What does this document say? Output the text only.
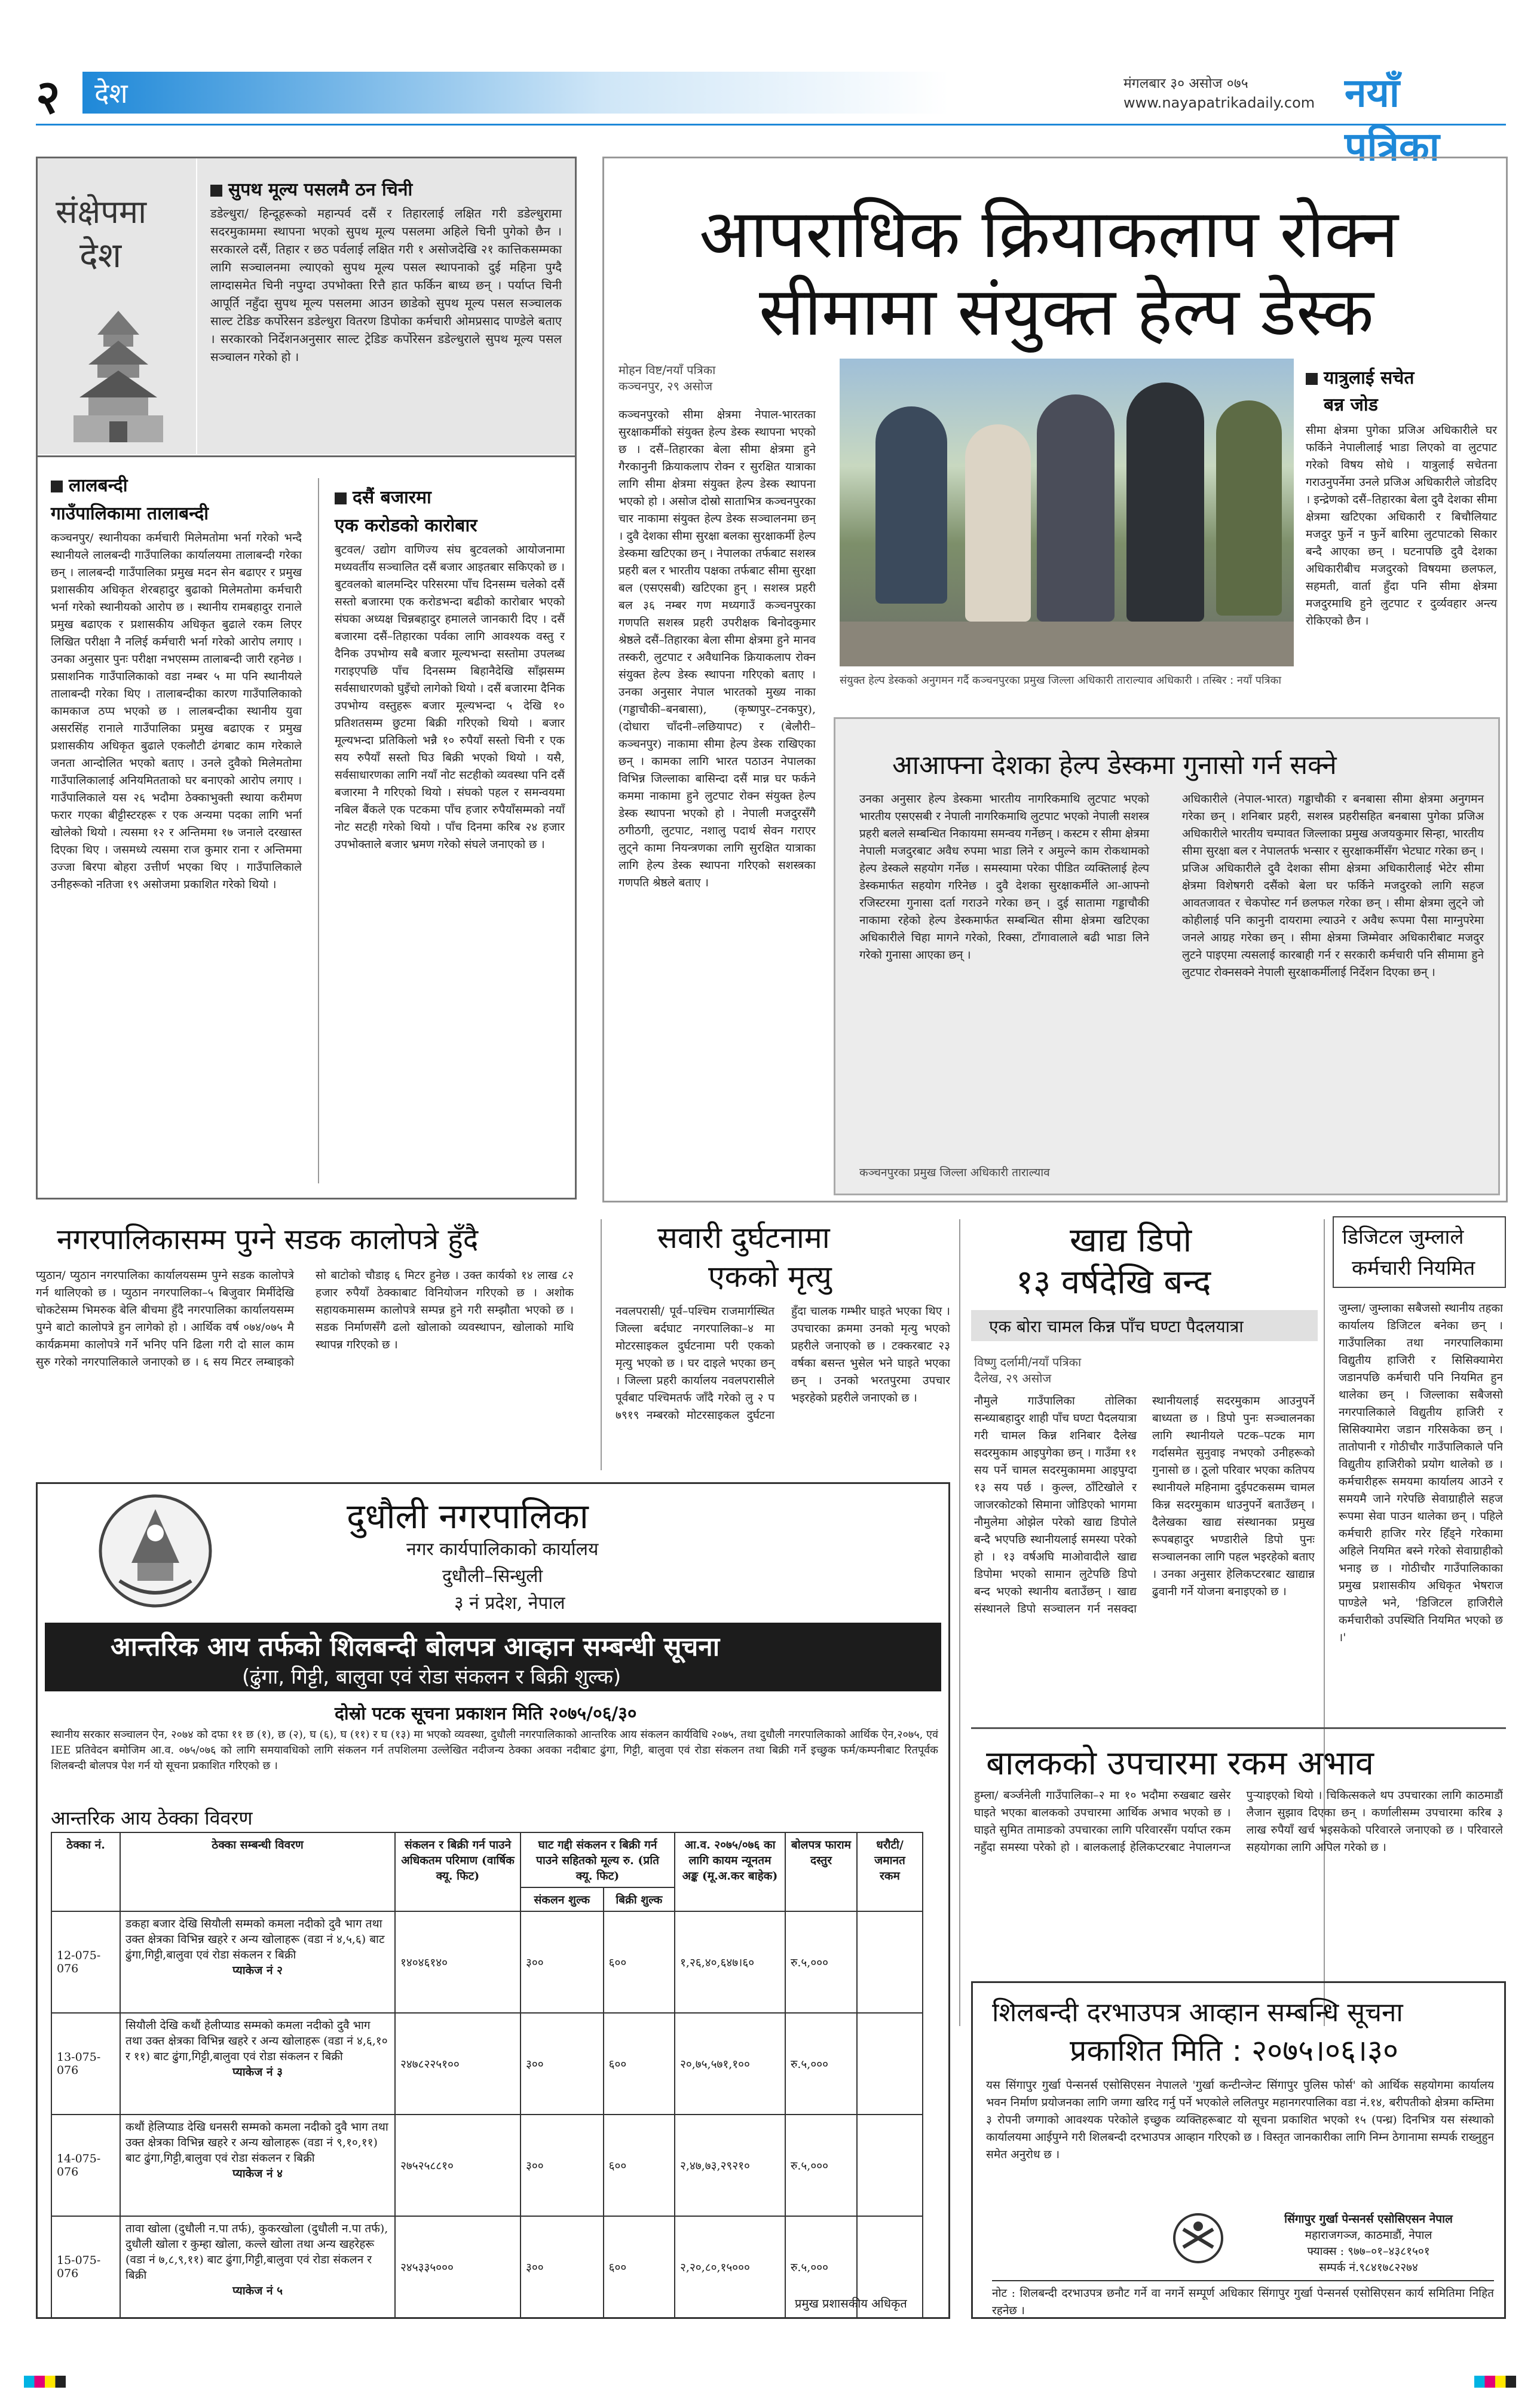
२ देश	मंगलबार ३० असोज ०७५
www.nayapatrikadaily.com नयाँ पत्रिका
संक्षेपमा
देश
सुपथ मूल्य पसलमै ठन चिनी
डडेल्धुरा/ हिन्दूहरूको महान्पर्व दसैं र तिहारलाई लक्षित गरी डडेल्धुरामा सदरमुकाममा स्थापना भएको सुपथ मूल्य पसलमा अहिले चिनी पुगेको छैन । सरकारले दसैं, तिहार र छठ पर्वलाई लक्षित गरी १ असोजदेखि २१ कात्तिकसम्मका लागि सञ्चालनमा ल्याएको सुपथ मूल्य पसल स्थापनाको दुई महिना पुग्दै लाग्दासमेत चिनी नपुग्दा उपभोक्ता रित्तै हात फर्किन बाध्य छन् । पर्याप्त चिनी आपूर्ति नहुँदा सुपथ मूल्य पसलमा आउन छाडेको सुपथ मूल्य पसल सञ्चालक साल्ट टेडिङ कर्पोरेसन डडेल्धुरा वितरण डिपोका कर्मचारी ओमप्रसाद पाण्डेले बताए । सरकारको निर्देशनअनुसार साल्ट ट्रेडिङ कर्पोरेसन डडेल्धुराले सुपथ मूल्य पसल सञ्चालन गरेको हो ।
लालबन्दी
गाउँपालिकामा तालाबन्दी
कञ्चनपुर/ स्थानीयका कर्मचारी मिलेमतोमा भर्ना गरेको भन्दै स्थानीयले लालबन्दी गाउँपालिका कार्यालयमा तालाबन्दी गरेका छन् । लालबन्दी गाउँपालिका प्रमुख मदन सेन बढाएर र प्रमुख प्रशासकीय अधिकृत शेरबहादुर बुढाको मिलेमतोमा कर्मचारी भर्ना गरेको स्थानीयको आरोप छ । स्थानीय रामबहादुर रानाले प्रमुख बढाएक र प्रशासकीय अधिकृत बुढाले रकम लिएर लिखित परीक्षा नै नलिई कर्मचारी भर्ना गरेको आरोप लगाए । उनका अनुसार पुनः परीक्षा नभएसम्म तालाबन्दी जारी रहनेछ । प्रसाशनिक गाउँपालिकाको वडा नम्बर ५ मा पनि स्थानीयले तालाबन्दी गरेका थिए । तालाबन्दीका कारण गाउँपालिकाको कामकाज ठप्प भएको छ । लालबन्दीका स्थानीय युवा असरसिंह रानाले गाउँपालिका प्रमुख बढाएक र प्रमुख प्रशासकीय अधिकृत बुढाले एकलौटी ढंगबाट काम गरेकाले जनता आन्दोलित भएको बताए । उनले दुवैको मिलेमतोमा गाउँपालिकालाई अनियमितताको घर बनाएको आरोप लगाए । गाउँपालिकाले यस २६ भदौमा ठेक्काभुक्ती स्थाया करीमण फरार गएका बीट्टीस्टरहरू र एक अन्यमा पदका लागि भर्ना खोलेको थियो । त्यसमा १२ र अन्तिममा १७ जनाले दरखास्त दिएका थिए । जसमध्ये त्यसमा राज कुमार राना र अन्तिममा उज्जा बिरपा बोहरा उत्तीर्ण भएका थिए । गाउँपालिकाले उनीहरूको नतिजा १९ असोजमा प्रकाशित गरेको थियो ।
दसैं बजारमा
एक करोडको कारोबार
बुटवल/ उद्योग वाणिज्य संघ बुटवलको आयोजनामा मध्यवर्तीय सञ्चालित दसैं बजार आइतबार सकिएको छ । बुटवलको बालमन्दिर परिसरमा पाँच दिनसम्म चलेको दसैं सस्तो बजारमा एक करोडभन्दा बढीको कारोबार भएको संघका अध्यक्ष चिन्नबहादुर हमालले जानकारी दिए । दसैं बजारमा दसैं–तिहारका पर्वका लागि आवश्यक वस्तु र दैनिक उपभोग्य सबै बजार मूल्यभन्दा सस्तोमा उपलब्ध गराइएपछि पाँच दिनसम्म बिहानैदेखि साँझसम्म सर्वसाधारणको घुइँचो लागेको थियो । दसैं बजारमा दैनिक उपभोग्य वस्तुहरू बजार मूल्यभन्दा ५ देखि १० प्रतिशतसम्म छुटमा बिक्री गरिएको थियो । बजार मूल्यभन्दा प्रतिकिलो भन्नै १० रुपैयाँ सस्तो चिनी र एक सय रुपैयाँ सस्तो घिउ बिक्री भएको थियो । यसै, सर्वसाधारणका लागि नयाँ नोट सटहीको व्यवस्था पनि दसैं बजारमा नै गरिएको थियो । संघको पहल र समन्वयमा नबिल बैंकले एक पटकमा पाँच हजार रुपैयाँसम्मको नयाँ नोट सटही गरेको थियो । पाँच दिनमा करिब २४ हजार उपभोक्ताले बजार भ्रमण गरेको संघले जनाएको छ ।
आपराधिक क्रियाकलाप रोक्न
सीमामा संयुक्त हेल्प डेस्क
मोहन विष्ट/नयाँ पत्रिका
कञ्चनपुर, २९ असोज
कञ्चनपुरको सीमा क्षेत्रमा नेपाल-भारतका सुरक्षाकर्मीको संयुक्त हेल्प डेस्क स्थापना भएको छ । दसैं–तिहारका बेला सीमा क्षेत्रमा हुने गैरकानुनी क्रियाकलाप रोक्न र सुरक्षित यात्राका लागि सीमा क्षेत्रमा संयुक्त हेल्प डेस्क स्थापना भएको हो । असोज दोस्रो साताभित्र कञ्चनपुरका चार नाकामा संयुक्त हेल्प डेस्क सञ्चालनमा छन् । दुवै देशका सीमा सुरक्षा बलका सुरक्षाकर्मी हेल्प डेस्कमा खटिएका छन् । नेपालका तर्फबाट सशस्त्र प्रहरी बल र भारतीय पक्षका तर्फबाट सीमा सुरक्षा बल (एसएसबी) खटिएका हुन् । सशस्त्र प्रहरी बल ३६ नम्बर गण मध्यगाउँ कञ्चनपुरका गणपति सशस्त्र प्रहरी उपरीक्षक बिनोदकुमार श्रेष्ठले दसैं–तिहारका बेला सीमा क्षेत्रमा हुने मानव तस्करी, लुटपाट र अवैधानिक क्रियाकलाप रोक्न संयुक्त हेल्प डेस्क स्थापना गरिएको बताए । उनका अनुसार नेपाल भारतको मुख्य नाका (गड्डाचौकी–बनबासा), (कृष्णपुर–टनकपुर), (दोधारा चाँदनी–लछियापट) र (बेलौरी–कञ्चनपुर) नाकामा सीमा हेल्प डेस्क राखिएका छन् । कामका लागि भारत पठाउन नेपालका विभिन्न जिल्लाका बासिन्दा दसैं मान्न घर फर्कने कममा नाकामा हुने लुटपाट रोक्न संयुक्त हेल्प डेस्क स्थापना भएको हो । नेपाली मजदुरसँगै ठगीठगी, लुटपाट, नशालु पदार्थ सेवन गराएर लुट्ने कामा नियन्त्रणका लागि सुरक्षित यात्राका लागि हेल्प डेस्क स्थापना गरिएको सशस्त्रका गणपति श्रेष्ठले बताए ।
संयुक्त हेल्प डेस्कको अनुगमन गर्दै कञ्चनपुरका प्रमुख जिल्ला अधिकारी ताराल्याव अधिकारी । तस्बिर : नयाँ पत्रिका
यात्रुलाई सचेत
बन्न जोड
सीमा क्षेत्रमा पुगेका प्रजिअ अधिकारीले घर फर्किने नेपालीलाई भाडा लिएको वा लुटपाट गरेको विषय सोधे । यात्रुलाई सचेतना गराउनुपर्नेमा उनले प्रजिअ अधिकारीले जोडदिए । इन्द्रेणको दसैं–तिहारका बेला दुवै देशका सीमा क्षेत्रमा खटिएका अधिकारी र बिचौलियाट मजदुर फुर्ने न फुर्ने बारिमा लुटपाटको सिकार बन्दै आएका छन् । घटनापछि दुवै देशका अधिकारीबीच मजदुरको विषयमा छलफल, सहमती, वार्ता हुँदा पनि सीमा क्षेत्रमा मजदुरमाथि हुने लुटपाट र दुर्व्यवहार अन्त्य रोकिएको छैन ।
आआफ्ना देशका हेल्प डेस्कमा गुनासो गर्न सक्ने
उनका अनुसार हेल्प डेस्कमा भारतीय नागरिकमाथि लुटपाट भएको भारतीय एसएसबी र नेपाली नागरिकमाथि लुटपाट भएको नेपाली सशस्त्र प्रहरी बलले सम्बन्धित निकायमा समन्वय गर्नेछन् । कस्टम र सीमा क्षेत्रमा नेपाली मजदुरबाट अवैध रुपमा भाडा लिने र अमुल्ने काम रोकथामको हेल्प डेस्कले सहयोग गर्नेछ । समस्यामा परेका पीडित व्यक्तिलाई हेल्प डेस्कमार्फत सहयोग गरिनेछ । दुवै देशका सुरक्षाकर्मीले आ-आफ्नो रजिस्टरमा गुनासा दर्ता गराउने गरेका छन् । दुई सातामा गड्डाचौकी नाकामा रहेको हेल्प डेस्कमार्फत सम्बन्धित सीमा क्षेत्रमा खटिएका अधिकारीले चिहा मागने गरेको, रिक्सा, टाँगावालाले बढी भाडा लिने गरेको गुनासा आएका छन् ।
अधिकारीले (नेपाल-भारत) गड्डाचौकी र बनबासा सीमा क्षेत्रमा अनुगमन गरेका छन् । शनिबार प्रहरी, सशस्त्र प्रहरीसहित बनबासा पुगेका प्रजिअ अधिकारीले भारतीय चम्पावत जिल्लाका प्रमुख अजयकुमार सिन्हा, भारतीय सीमा सुरक्षा बल र नेपालतर्फ भन्सार र सुरक्षाकर्मीसँग भेटघाट गरेका छन् । प्रजिअ अधिकारीले दुवै देशका सीमा क्षेत्रमा अधिकारीलाई भेटेर सीमा क्षेत्रमा विशेषगरी दसैंको बेला घर फर्किने मजदुरको लागि सहज आवतजावत र चेकपोस्ट गर्न छलफल गरेका छन् । सीमा क्षेत्रमा लुट्ने जो कोहीलाई पनि कानुनी दायरामा ल्याउने र अवैध रूपमा पैसा माग्नुपरेमा जनले आग्रह गरेका छन् । सीमा क्षेत्रमा जिम्मेवार अधिकारीबाट मजदुर लुटने पाइएमा त्यसलाई कारबाही गर्न र सरकारी कर्मचारी पनि सीमामा हुने लुटपाट रोक्नसक्ने नेपाली सुरक्षाकर्मीलाई निर्देशन दिएका छन् ।
कञ्चनपुरका प्रमुख जिल्ला अधिकारी ताराल्याव
नगरपालिकासम्म पुग्ने सडक कालोपत्रे हुँदै
प्युठान/ प्युठान नगरपालिका कार्यालयसम्म पुग्ने सडक कालोपत्रे गर्न थालिएको छ । प्युठान नगरपालिका–५ बिजुवार मिर्मीदेखि चोकटेसम्म भिमरुक बेलि बीचमा हुँदै नगरपालिका कार्यालयसम्म पुग्ने बाटो कालोपत्रे हुन लागेको हो । आर्थिक वर्ष ०७४/०७५ मै कार्यक्रममा कालोपत्रे गर्ने भनिए पनि ढिला गरी दो साल काम सुरु गरेको नगरपालिकाले जनाएको छ । ६ सय मिटर लम्बाइको सो बाटोको चौडाइ ६ मिटर हुनेछ । उक्त कार्यको १४ लाख ८२ हजार रुपैयाँ ठेक्काबाट विनियोजन गरिएको छ । अशोक सहायकमासम्म कालोपत्रे सम्पन्न हुने गरी सम्झौता भएको छ । सडक निर्माणसँगै ढलो खोलाको व्यवस्थापन, खोलाको माथि स्थापन्न गरिएको छ ।
सवारी दुर्घटनामा
एकको मृत्यु
नवलपरासी/ पूर्व–पश्चिम राजमार्गस्थित जिल्ला बर्दघाट नगरपालिका–४ मा मोटरसाइकल दुर्घटनामा परी एकको मृत्यु भएको छ । घर दाइले भएका छन् । जिल्ला प्रहरी कार्यालय नवलपरासीले पूर्वबाट पश्चिमतर्फ जाँदै गरेको लु २ प ७९१९ नम्बरको मोटरसाइकल दुर्घटना हुँदा चालक गम्भीर घाइते भएका थिए । उपचारका क्रममा उनको मृत्यु भएको प्रहरीले जनाएको छ । टक्करबाट २३ वर्षका बसन्त भुसेल भने घाइते भएका छन् । उनको भरतपुरमा उपचार भइरहेको प्रहरीले जनाएको छ ।
खाद्य डिपो
१३ वर्षदेखि बन्द
एक बोरा चामल किन्न पाँच घण्टा पैदलयात्रा
विष्णु दर्लामी/नयाँ पत्रिका
दैलेख, २९ असोज
नौमुले गाउँपालिका तोलिका सन्ध्याबहादुर शाही पाँच घण्टा पैदलयात्रा गरी चामल किन्न शनिबार दैलेख सदरमुकाम आइपुगेका छन् । गाउँमा ११ सय पर्ने चामल सदरमुकाममा आइपुग्दा १३ सय पर्छ । कुल्ल, ठाँटिखोले र जाजरकोटको सिमाना जोडिएको भागमा नौमुलेमा ओझेल परेको खाद्य डिपोले बन्दै भएपछि स्थानीयलाई समस्या परेको हो । १३ वर्षअघि माओवादीले खाद्य डिपोमा भएको सामान लुटेपछि डिपो बन्द भएको स्थानीय बताउँछन् । खाद्य संस्थानले डिपो सञ्चालन गर्न नसक्दा स्थानीयलाई सदरमुकाम आउनुपर्ने बाध्यता छ । डिपो पुनः सञ्चालनका लागि स्थानीयले पटक–पटक माग गर्दासमेत सुनुवाइ नभएको उनीहरूको गुनासो छ । ठूलो परिवार भएका कतिपय स्थानीयले महिनामा दुईपटकसम्म चामल किन्न सदरमुकाम धाउनुपर्ने बताउँछन् । दैलेखका खाद्य संस्थानका प्रमुख रूपबहादुर भण्डारीले डिपो पुनः सञ्चालनका लागि पहल भइरहेको बताए । उनका अनुसार हेलिकप्टरबाट खाद्यान्न ढुवानी गर्ने योजना बनाइएको छ ।
डिजिटल जुम्लाले
कर्मचारी नियमित
जुम्ला/ जुम्लाका सबैजसो स्थानीय तहका कार्यालय डिजिटल बनेका छन् । गाउँपालिका तथा नगरपालिकामा विद्युतीय हाजिरी र सिसिक्यामेरा जडानपछि कर्मचारी पनि नियमित हुन थालेका छन् । जिल्लाका सबैजसो नगरपालिकाले विद्युतीय हाजिरी र सिसिक्यामेरा जडान गरिसकेका छन् । तातोपानी र गोठीचौर गाउँपालिकाले पनि विद्युतीय हाजिरीको प्रयोग थालेको छ । कर्मचारीहरू समयमा कार्यालय आउने र समयमै जाने गरेपछि सेवाग्राहीले सहज रूपमा सेवा पाउन थालेका छन् । पहिले कर्मचारी हाजिर गरेर हिँड्ने गरेकामा अहिले नियमित बस्ने गरेको सेवाग्राहीको भनाइ छ । गोठीचौर गाउँपालिकाका प्रमुख प्रशासकीय अधिकृत भेषराज पाण्डेले भने, 'डिजिटल हाजिरीले कर्मचारीको उपस्थिति नियमित भएको छ ।'
दुधौली नगरपालिका
नगर कार्यपालिकाको कार्यालय
दुधौली–सिन्धुली
३ नं प्रदेश, नेपाल
आन्तरिक आय तर्फको शिलबन्दी बोलपत्र आव्हान सम्बन्धी सूचना
(ढुंगा, गिट्टी, बालुवा एवं रोडा संकलन र बिक्री शुल्क)
दोस्रो पटक सूचना प्रकाशन मिति २०७५/०६/३०
स्थानीय सरकार सञ्चालन ऐन, २०७४ को दफा ११ छ (१), छ (२), घ (६), घ (११) र घ (१३) मा भएको व्यवस्था, दुधौली नगरपालिकाको आन्तरिक आय संकलन कार्यविधि २०७५, तथा दुधौली नगरपालिकाको आर्थिक ऐन,२०७५, एवं IEE प्रतिवेदन बमोजिम आ.व. ०७५/०७६ को लागि समयावधिको लागि संकलन गर्न तपशिलमा उल्लेखित नदीजन्य ठेक्का अवका नदीबाट ढुंगा, गिट्टी, बालुवा एवं रोडा संकलन तथा बिक्री गर्ने इच्छुक फर्म/कम्पनीबाट रितपूर्वक शिलबन्दी बोलपत्र पेश गर्न यो सूचना प्रकाशित गरिएको छ ।
आन्तरिक आय ठेक्का विवरण
ठेक्का नं.	ठेक्का सम्बन्धी विवरण	संकलन र बिक्री गर्न पाउने अधिकतम परिमाण (वार्षिक क्यू. फिट)	घाट गद्दी संकलन र बिक्री गर्न पाउने सहितको मूल्य रु. (प्रति क्यू. फिट)		आ.व. २०७५/०७६ का लागि कायम न्यूनतम अङ्क (मू.अ.कर बाहेक)	बोलपत्र फाराम दस्तुर	धरौटी/ जमानत रकम
			संकलन शुल्क	बिक्री शुल्क			
12-075-076	डकहा बजार देखि सियौली सम्मको कमला नदीको दुवै भाग तथा उक्त क्षेत्रका विभिन्न खहरे र अन्य खोलाहरू (वडा नं ४,५,६) बाट ढुंगा,गिट्टी,बालुवा एवं रोडा संकलन र बिक्री
प्याकेज नं २	१४०४६१४०	३००	६००	१,२६,४०,६४७।६०	रु.५,०००	
13-075-076	सियौली देखि कथौं हेलीप्याड सम्मको कमला नदीको दुवै भाग तथा उक्त क्षेत्रका विभिन्न खहरे र अन्य खोलाहरू (वडा नं ४,६,१० र ११) बाट ढुंगा,गिट्टी,बालुवा एवं रोडा संकलन र बिक्री
प्याकेज नं ३	२४७८२२५१००	३००	६००	२०,७५,५७१,१००	रु.५,०००	
14-075-076	कथौं हेलिप्याड देखि धनसरी सम्मको कमला नदीको दुवै भाग तथा उक्त क्षेत्रका विभिन्न खहरे र अन्य खोलाहरू (वडा नं ९,१०,११) बाट ढुंगा,गिट्टी,बालुवा एवं रोडा संकलन र बिक्री
प्याकेज नं ४	२७५२५८८१०	३००	६००	२,४७,७३,२९२१०	रु.५,०००	
15-075-076	तावा खोला (दुधौली न.पा तर्फ), कुकरखोला (दुधौली न.पा तर्फ), दुधौली खोला र कुम्हा खोला, कल्ले खोला तथा अन्य खहरेहरू (वडा नं ७,८,९,११) बाट ढुंगा,गिट्टी,बालुवा एवं रोडा संकलन र बिक्री
प्याकेज नं ५	२४५३३५०००	३००	६००	२,२०,८०,१५०००	रु.५,०००	
प्रमुख प्रशासकीय अधिकृत
बालकको उपचारमा रकम अभाव
हुम्ला/ बर्ञ्जनेली गाउँपालिका–२ मा १० भदौमा रुखबाट खसेर घाइते भएका बालकको उपचारमा आर्थिक अभाव भएको छ । घाइते सुमित तामाङको उपचारका लागि परिवारसँग पर्याप्त रकम नहुँदा समस्या परेको हो । बालकलाई हेलिकप्टरबाट नेपालगन्ज पुर्‍याइएको थियो । चिकित्सकले थप उपचारका लागि काठमाडौं लैजान सुझाव दिएका छन् । कर्णालीसम्म उपचारमा करिब ३ लाख रुपैयाँ खर्च भइसकेको परिवारले जनाएको छ । परिवारले सहयोगका लागि अपिल गरेको छ ।
शिलबन्दी दरभाउपत्र आव्हान सम्बन्धि सूचना
प्रकाशित मिति : २०७५।०६।३०
यस सिंगापुर गुर्खा पेन्सनर्स एसोसिएसन नेपालले 'गुर्खा कन्टीन्जेन्ट सिंगापुर पुलिस फोर्स' को आर्थिक सहयोगमा कार्यालय भवन निर्माण प्रयोजनका लागि जग्गा खरिद गर्नु पर्ने भएकोले ललितपुर महानगरपालिका वडा नं.१४, बरीपतीको क्षेत्रमा कम्तिमा ३ रोपनी जग्गाको आवश्यक परेकोले इच्छुक व्यक्तिहरूबाट यो सूचना प्रकाशित भएको १५ (पन्ध्र) दिनभित्र यस संस्थाको कार्यालयमा आईपुग्ने गरी शिलबन्दी दरभाउपत्र आव्हान गरिएको छ । विस्तृत जानकारीका लागि निम्न ठेगानामा सम्पर्क राख्नुहुन समेत अनुरोध छ ।
सिंगापुर गुर्खा पेन्सनर्स एसोसिएसन नेपाल
महाराजगञ्ज, काठमाडौं, नेपाल
फ्याक्स : ९७७–०१–४३८१५०१
सम्पर्क नं.९८४१७८२२७४
नोट : शिलबन्दी दरभाउपत्र छनौट गर्ने वा नगर्ने सम्पूर्ण अधिकार सिंगापुर गुर्खा पेन्सनर्स एसोसिएसन कार्य समितिमा निहित रहनेछ ।
